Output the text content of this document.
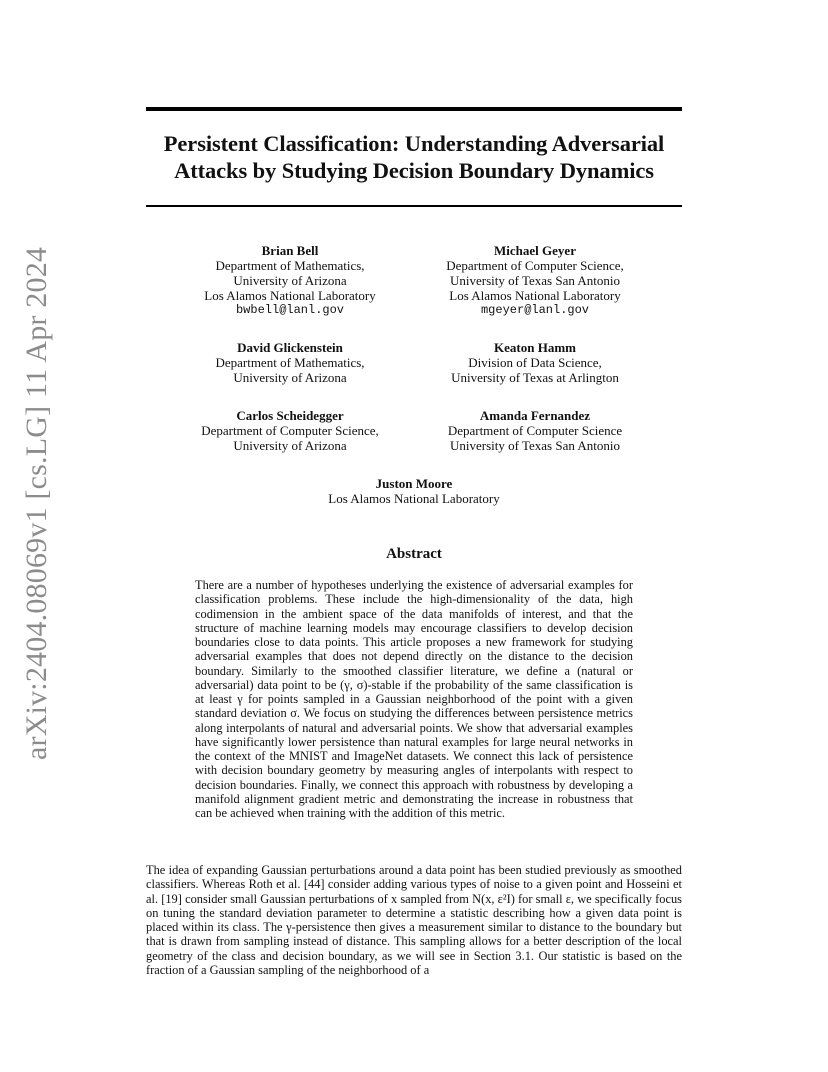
arXiv:2404.08069v1 [cs.LG] 11 Apr 2024
Persistent Classification: Understanding Adversarial
Attacks by Studying Decision Boundary Dynamics
Brian Bell
Department of Mathematics,
University of Arizona
Los Alamos National Laboratory
bwbell@lanl.gov
Michael Geyer
Department of Computer Science,
University of Texas San Antonio
Los Alamos National Laboratory
mgeyer@lanl.gov
David Glickenstein
Department of Mathematics,
University of Arizona
Keaton Hamm
Division of Data Science,
University of Texas at Arlington
Carlos Scheidegger
Department of Computer Science,
University of Arizona
Amanda Fernandez
Department of Computer Science
University of Texas San Antonio
Juston Moore
Los Alamos National Laboratory
Abstract
There are a number of hypotheses underlying the existence of adversarial examples for classification problems. These include the high-dimensionality of the data, high codimension in the ambient space of the data manifolds of interest, and that the structure of machine learning models may encourage classifiers to develop decision boundaries close to data points. This article proposes a new framework for studying adversarial examples that does not depend directly on the distance to the decision boundary. Similarly to the smoothed classifier literature, we define a (natural or adversarial) data point to be (γ, σ)-stable if the probability of the same classification is at least γ for points sampled in a Gaussian neighborhood of the point with a given standard deviation σ. We focus on studying the differences between persistence metrics along interpolants of natural and adversarial points. We show that adversarial examples have significantly lower persistence than natural examples for large neural networks in the context of the MNIST and ImageNet datasets. We connect this lack of persistence with decision boundary geometry by measuring angles of interpolants with respect to decision boundaries. Finally, we connect this approach with robustness by developing a manifold alignment gradient metric and demonstrating the increase in robustness that can be achieved when training with the addition of this metric.
The idea of expanding Gaussian perturbations around a data point has been studied previously as smoothed classifiers. Whereas Roth et al. [44] consider adding various types of noise to a given point and Hosseini et al. [19] consider small Gaussian perturbations of x sampled from N(x, ε²I) for small ε, we specifically focus on tuning the standard deviation parameter to determine a statistic describing how a given data point is placed within its class. The γ-persistence then gives a measurement similar to distance to the boundary but that is drawn from sampling instead of distance. This sampling allows for a better description of the local geometry of the class and decision boundary, as we will see in Section 3.1. Our statistic is based on the fraction of a Gaussian sampling of the neighborhood of a
